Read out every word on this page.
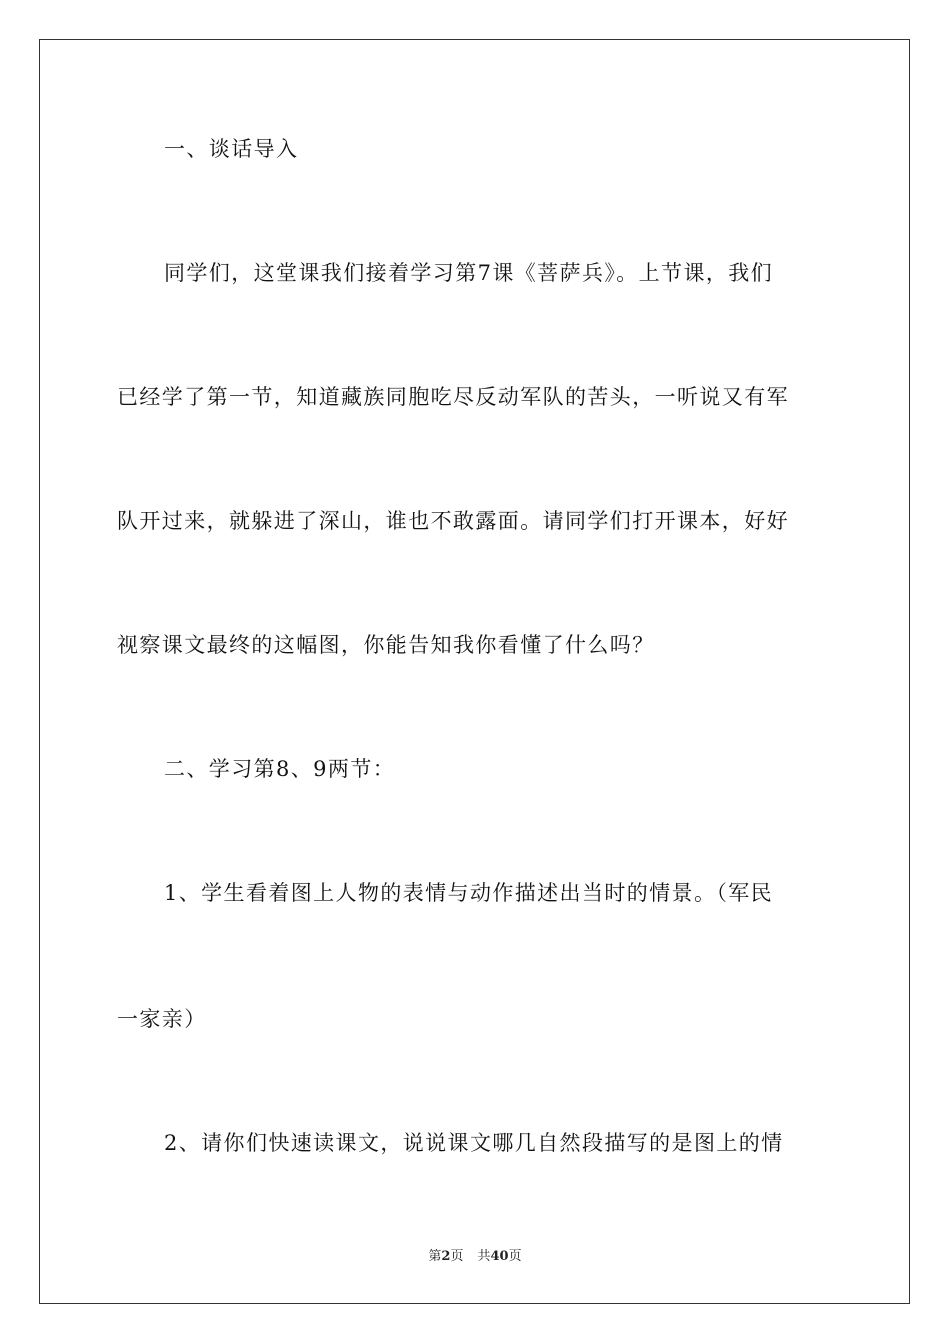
一、谈话导入
同学们，这堂课我们接着学习第7课《菩萨兵》。上节课，我们
已经学了第一节，知道藏族同胞吃尽反动军队的苦头，一听说又有军
队开过来，就躲进了深山，谁也不敢露面。请同学们打开课本，好好
视察课文最终的这幅图，你能告知我你看懂了什么吗？
二、学习第8、9两节：
1、学生看着图上人物的表情与动作描述出当时的情景。（军民
一家亲）
2、请你们快速读课文，说说课文哪几自然段描写的是图上的情
第2页 共40页
